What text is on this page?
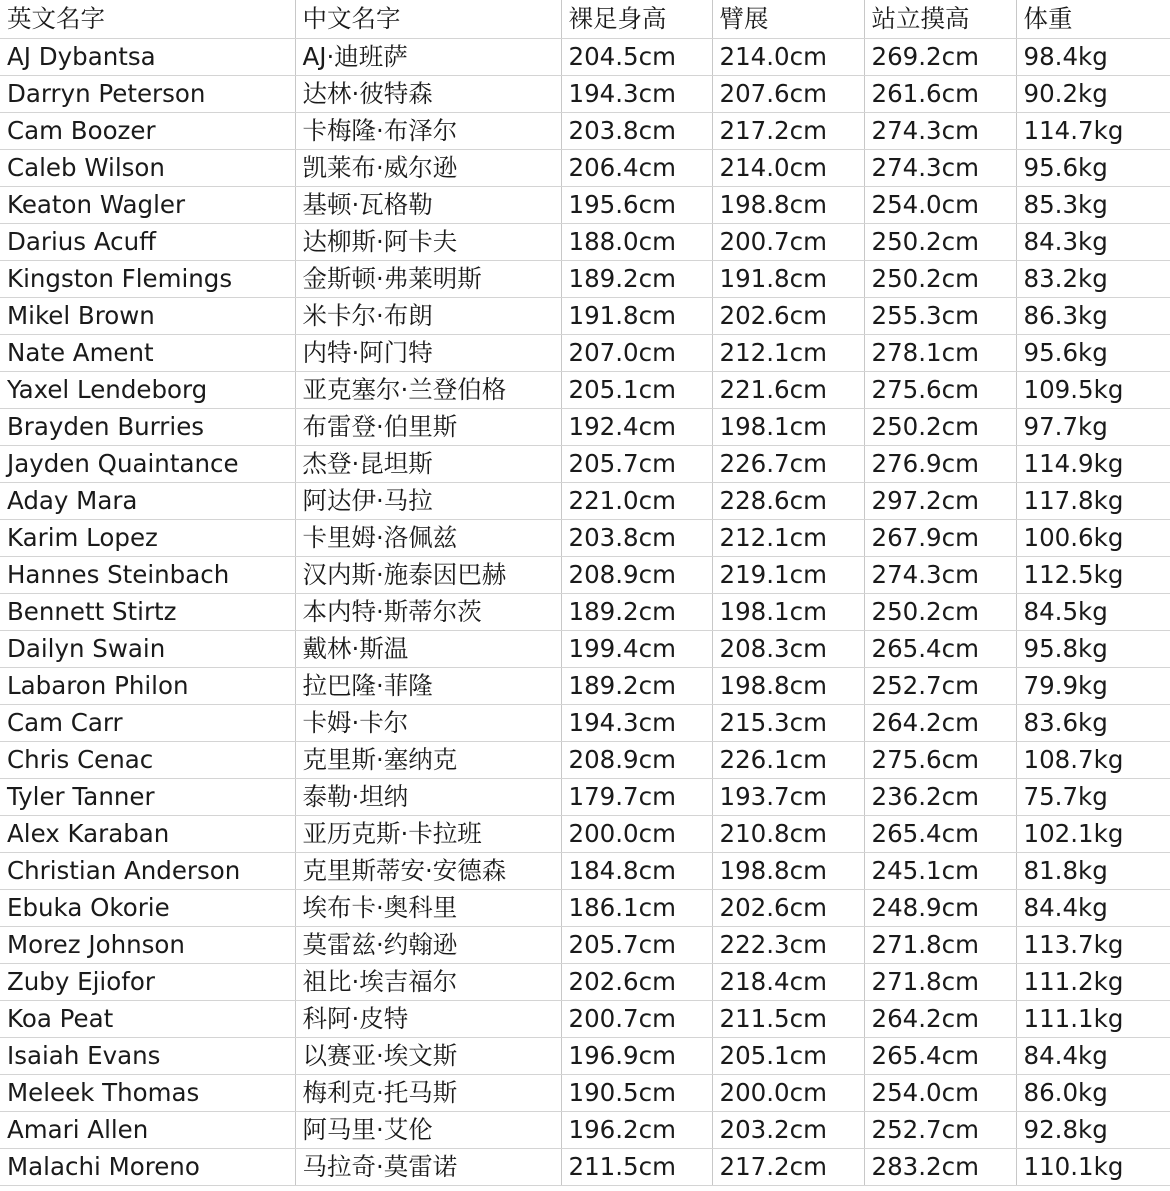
英文名字	中文名字	裸足身高	臂展	站立摸高	体重
AJ Dybantsa	AJ·迪班萨	204.5cm	214.0cm	269.2cm	98.4kg
Darryn Peterson	达林·彼特森	194.3cm	207.6cm	261.6cm	90.2kg
Cam Boozer	卡梅隆·布泽尔	203.8cm	217.2cm	274.3cm	114.7kg
Caleb Wilson	凯莱布·威尔逊	206.4cm	214.0cm	274.3cm	95.6kg
Keaton Wagler	基顿·瓦格勒	195.6cm	198.8cm	254.0cm	85.3kg
Darius Acuff	达柳斯·阿卡夫	188.0cm	200.7cm	250.2cm	84.3kg
Kingston Flemings	金斯顿·弗莱明斯	189.2cm	191.8cm	250.2cm	83.2kg
Mikel Brown	米卡尔·布朗	191.8cm	202.6cm	255.3cm	86.3kg
Nate Ament	内特·阿门特	207.0cm	212.1cm	278.1cm	95.6kg
Yaxel Lendeborg	亚克塞尔·兰登伯格	205.1cm	221.6cm	275.6cm	109.5kg
Brayden Burries	布雷登·伯里斯	192.4cm	198.1cm	250.2cm	97.7kg
Jayden Quaintance	杰登·昆坦斯	205.7cm	226.7cm	276.9cm	114.9kg
Aday Mara	阿达伊·马拉	221.0cm	228.6cm	297.2cm	117.8kg
Karim Lopez	卡里姆·洛佩兹	203.8cm	212.1cm	267.9cm	100.6kg
Hannes Steinbach	汉内斯·施泰因巴赫	208.9cm	219.1cm	274.3cm	112.5kg
Bennett Stirtz	本内特·斯蒂尔茨	189.2cm	198.1cm	250.2cm	84.5kg
Dailyn Swain	戴林·斯温	199.4cm	208.3cm	265.4cm	95.8kg
Labaron Philon	拉巴隆·菲隆	189.2cm	198.8cm	252.7cm	79.9kg
Cam Carr	卡姆·卡尔	194.3cm	215.3cm	264.2cm	83.6kg
Chris Cenac	克里斯·塞纳克	208.9cm	226.1cm	275.6cm	108.7kg
Tyler Tanner	泰勒·坦纳	179.7cm	193.7cm	236.2cm	75.7kg
Alex Karaban	亚历克斯·卡拉班	200.0cm	210.8cm	265.4cm	102.1kg
Christian Anderson	克里斯蒂安·安德森	184.8cm	198.8cm	245.1cm	81.8kg
Ebuka Okorie	埃布卡·奥科里	186.1cm	202.6cm	248.9cm	84.4kg
Morez Johnson	莫雷兹·约翰逊	205.7cm	222.3cm	271.8cm	113.7kg
Zuby Ejiofor	祖比·埃吉福尔	202.6cm	218.4cm	271.8cm	111.2kg
Koa Peat	科阿·皮特	200.7cm	211.5cm	264.2cm	111.1kg
Isaiah Evans	以赛亚·埃文斯	196.9cm	205.1cm	265.4cm	84.4kg
Meleek Thomas	梅利克·托马斯	190.5cm	200.0cm	254.0cm	86.0kg
Amari Allen	阿马里·艾伦	196.2cm	203.2cm	252.7cm	92.8kg
Malachi Moreno	马拉奇·莫雷诺	211.5cm	217.2cm	283.2cm	110.1kg
